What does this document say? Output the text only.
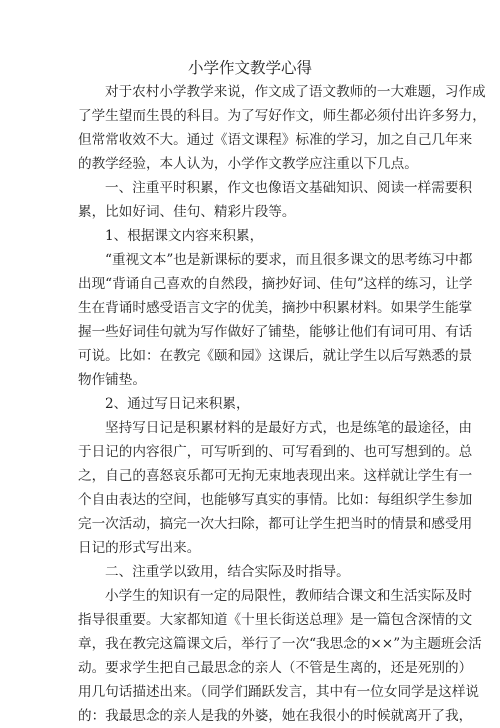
小学作文教学心得
对于农村小学教学来说，作文成了语文教师的一大难题，习作成
了学生望而生畏的科目。为了写好作文，师生都必须付出许多努力，
但常常收效不大。通过《语文课程》标准的学习，加之自己几年来
的教学经验，本人认为，小学作文教学应注重以下几点。
一、注重平时积累，作文也像语文基础知识、阅读一样需要积
累，比如好词、佳句、精彩片段等。
1、根据课文内容来积累，
“重视文本”也是新课标的要求，而且很多课文的思考练习中都
出现“背诵自己喜欢的自然段，摘抄好词、佳句”这样的练习，让学
生在背诵时感受语言文字的优美，摘抄中积累材料。如果学生能掌
握一些好词佳句就为写作做好了铺垫，能够让他们有词可用、有话
可说。比如：在教完《颐和园》这课后，就让学生以后写熟悉的景
物作铺垫。
2、通过写日记来积累，
坚持写日记是积累材料的是最好方式，也是练笔的最途径，由
于日记的内容很广，可写听到的、可写看到的、也可写想到的。总
之，自己的喜怒哀乐都可无拘无束地表现出来。这样就让学生有一
个自由表达的空间，也能够写真实的事情。比如：每组织学生参加
完一次活动，搞完一次大扫除，都可让学生把当时的情景和感受用
日记的形式写出来。
二、注重学以致用，结合实际及时指导。
小学生的知识有一定的局限性，教师结合课文和生活实际及时
指导很重要。大家都知道《十里长街送总理》是一篇包含深情的文
章，我在教完这篇课文后，举行了一次“我思念的××”为主题班会活
动。要求学生把自己最思念的亲人（不管是生离的，还是死别的）
用几句话描述出来。（同学们踊跃发言，其中有一位女同学是这样说
的：我最思念的亲人是我的外婆，她在我很小的时候就离开了我，
